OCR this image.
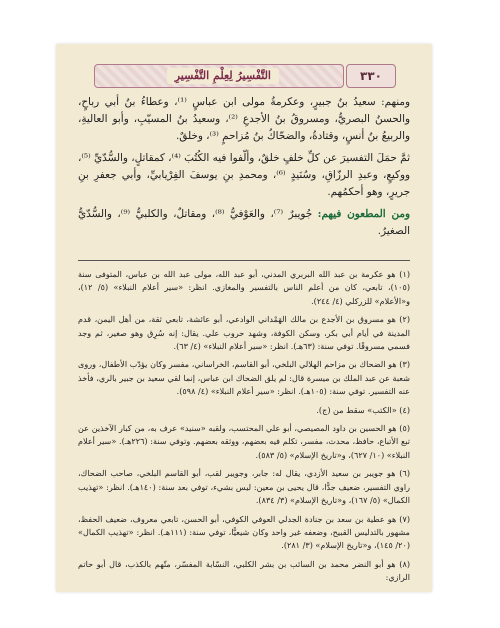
٣٣٠
التَّفْسِيرُ لِعِلْمِ التَّفْسِيرِ

ومنهم: سعيدُ بنُ جبيرٍ، وعكرمةُ مولى ابن عباسٍ ⁽¹⁾، وعطاءُ بنُ أبي رباحٍ، والحسنُ البصريُّ، ومسروقُ بنُ الأجدعِ ⁽²⁾، وسعيدُ بنُ المسيّبِ، وأبو العاليةِ، والربيعُ بنُ أنسٍ، وقتادةُ، والضحّاكُ بنُ مُزاحمٍ ⁽³⁾، وخلقٌ.

ثمَّ حمَلَ التفسيرَ عن كلِّ خلفٍ خلقٌ، وألّفوا فيه الكُتُبَ ⁽⁴⁾، كمقاتلٍ، والسُّدّيِّ ⁽⁵⁾، ووكيعٍ، وعبدِ الرزّاقِ، وسُنَيدٍ ⁽⁶⁾، ومحمدِ بنِ يوسفَ الفِرْيابيِّ، وأبي جعفرِ بنِ جريرٍ، وهو أحكمُهم.

ومن المطعون فيهم: جُويبرٌ ⁽⁷⁾، والعَوْفيُّ ⁽⁸⁾، ومقاتلٌ، والكلبيُّ ⁽⁹⁾، والسُّدّيُّ الصغيرُ.

(١) هو عكرمة بن عبد الله البربري المدني، أبو عبد الله، مولى عبد الله بن عباس، المتوفى سنة (١٠٥)، تابعي، كان من أعلم الناس بالتفسير والمغازي. انظر: «سير أعلام النبلاء» (٥/ ١٢)، و«الأعلام» للزركلي (٤/ ٢٤٤).

(٢) هو مسروق بن الأجدع بن مالك الهَمْداني الوادعي، أبو عائشة، تابعي ثقة، من أهل اليمن، قدم المدينة في أيام أبي بكر، وسكن الكوفة، وشهد حروب علي. يقال: إنه سُرِق وهو صغير، ثم وجد فسمي مسروقًا. توفي سنة: (٦٣هـ). انظر: «سير أعلام النبلاء» (٤/ ٦٣).

(٣) هو الضحاك بن مزاحم الهلالي البلخي، أبو القاسم، الخراساني، مفسر وكان يؤدّب الأطفال، وروى شعبة عن عبد الملك بن ميسرة قال: لم يلق الضحاك ابن عباس، إنما لقي سعيد بن جبير بالري، فأخذ عنه التفسير. توفي سنة: (١٠٥هـ). انظر: «سير أعلام النبلاء» (٤/ ٥٩٨).

(٤) «الكتب» سقط من (ج).

(٥) هو الحسين بن داود المصيصي، أبو علي المحتسب، ولقبه «سنيد» عرف به، من كبار الآخذين عن تبع الأتباع، حافظ، محدث، مفسر، تكلم فيه بعضهم، ووثقه بعضهم. وتوفي سنة: (٢٢٦هـ). «سير أعلام النبلاء» (١٠/ ٦٢٧)، و«تاريخ الإسلام» (٥/ ٥٨٣).

(٦) هو جويبر بن سعيد الأزدي، يقال له: جابر، وجويبر لقب، أبو القاسم البلخي، صاحب الضحاك، راوي التفسير، ضعيف جدًّا، قال يحيى بن معين: ليس بشيء، توفي بعد سنة: (١٤٠هـ). انظر: «تهذيب الكمال» (٥/ ١٦٧)، و«تاريخ الإسلام» (٣/ ٨٣٤).

(٧) هو عطية بن سعد بن جنادة الجدلي العوفي الكوفي، أبو الحسن، تابعي معروف، ضعيف الحفظ، مشهور بالتدليس القبيح، وضعفه غير واحد وكان شيعيًّا، توفي سنة: (١١١هـ). انظر: «تهذيب الكمال» (٢٠/ ١٤٥)، و«تاريخ الإسلام» (٣/ ٢٨١).

(٨) هو أبو النضر محمد بن السائب بن بشر الكلبي، النسّابة المفسّر، متّهم بالكذب، قال أبو حاتم الرازي:
